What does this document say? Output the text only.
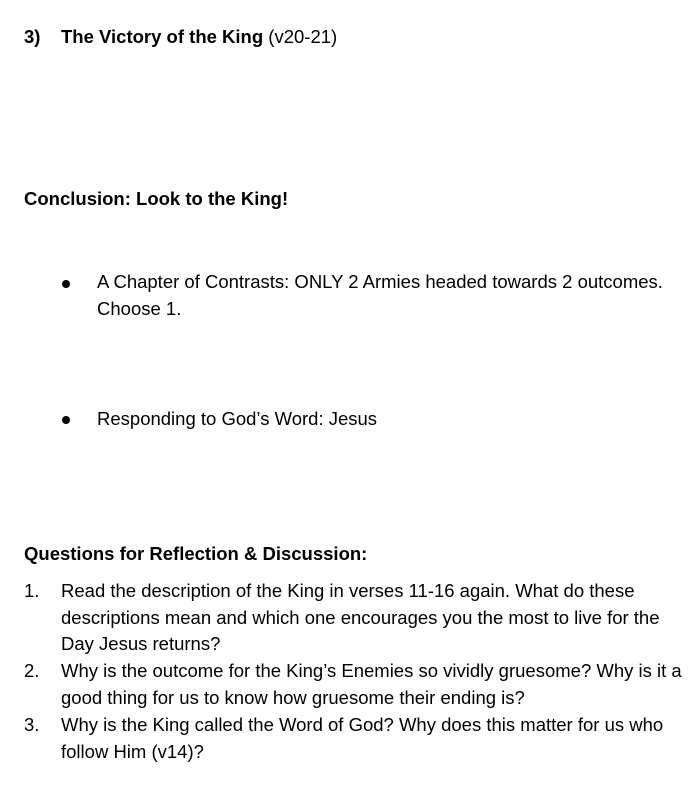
3) The Victory of the King (v20-21)
Conclusion: Look to the King!
A Chapter of Contrasts: ONLY 2 Armies headed towards 2 outcomes. Choose 1.
Responding to God’s Word: Jesus
Questions for Reflection & Discussion:
1. Read the description of the King in verses 11-16 again. What do these descriptions mean and which one encourages you the most to live for the Day Jesus returns?
2. Why is the outcome for the King’s Enemies so vividly gruesome? Why is it a good thing for us to know how gruesome their ending is?
3. Why is the King called the Word of God? Why does this matter for us who follow Him (v14)?
